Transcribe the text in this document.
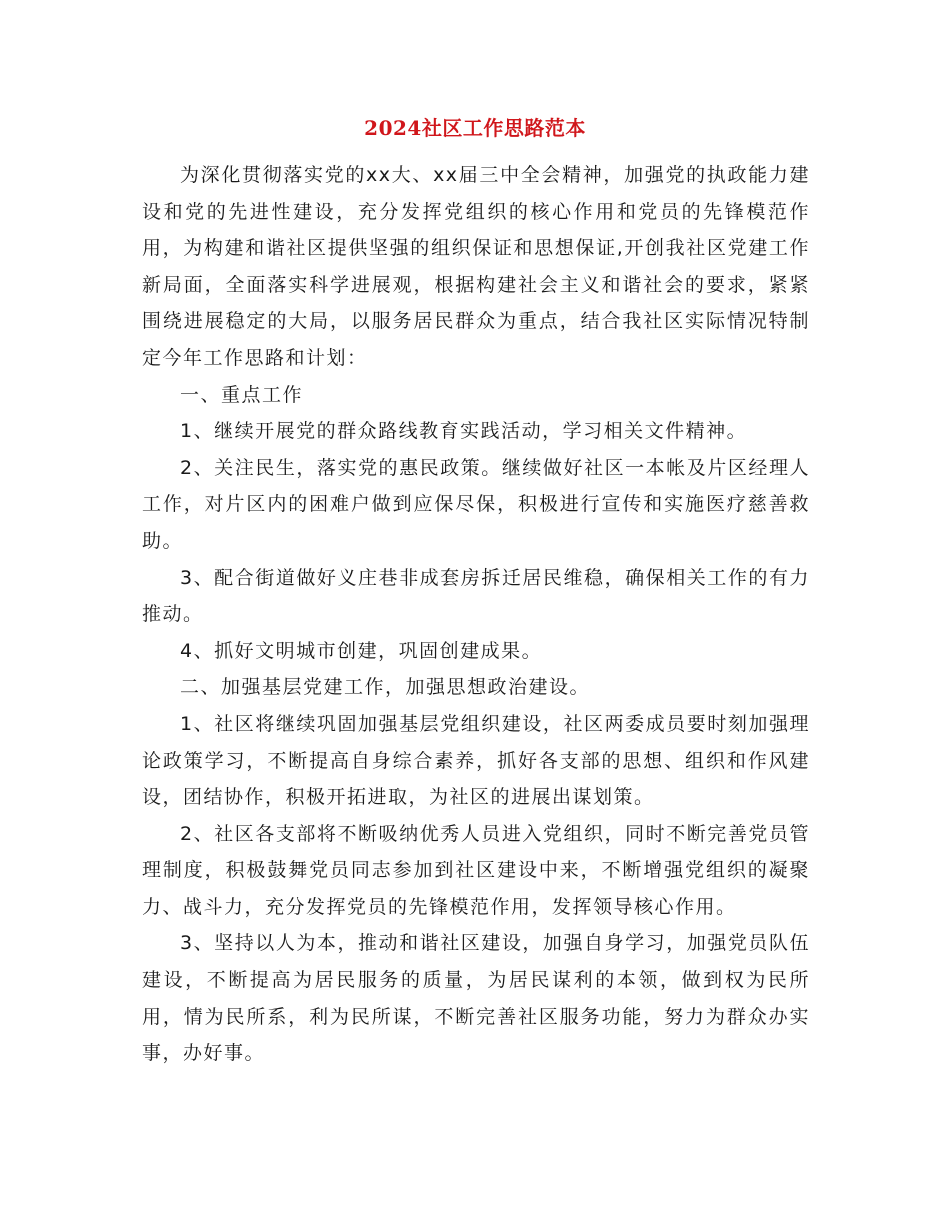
2024社区工作思路范本

为深化贯彻落实党的xx大、xx届三中全会精神，加强党的执政能力建设和党的先进性建设，充分发挥党组织的核心作用和党员的先锋模范作用，为构建和谐社区提供坚强的组织保证和思想保证,开创我社区党建工作新局面，全面落实科学进展观，根据构建社会主义和谐社会的要求，紧紧围绕进展稳定的大局，以服务居民群众为重点，结合我社区实际情况特制定今年工作思路和计划：

一、重点工作

1、继续开展党的群众路线教育实践活动，学习相关文件精神。

2、关注民生，落实党的惠民政策。继续做好社区一本帐及片区经理人工作，对片区内的困难户做到应保尽保，积极进行宣传和实施医疗慈善救助。

3、配合街道做好义庄巷非成套房拆迁居民维稳，确保相关工作的有力推动。

4、抓好文明城市创建，巩固创建成果。

二、加强基层党建工作，加强思想政治建设。

1、社区将继续巩固加强基层党组织建设，社区两委成员要时刻加强理论政策学习，不断提高自身综合素养，抓好各支部的思想、组织和作风建设，团结协作，积极开拓进取，为社区的进展出谋划策。

2、社区各支部将不断吸纳优秀人员进入党组织，同时不断完善党员管理制度，积极鼓舞党员同志参加到社区建设中来，不断增强党组织的凝聚力、战斗力，充分发挥党员的先锋模范作用，发挥领导核心作用。

3、坚持以人为本，推动和谐社区建设，加强自身学习，加强党员队伍建设，不断提高为居民服务的质量，为居民谋利的本领，做到权为民所用，情为民所系，利为民所谋，不断完善社区服务功能，努力为群众办实事，办好事。
